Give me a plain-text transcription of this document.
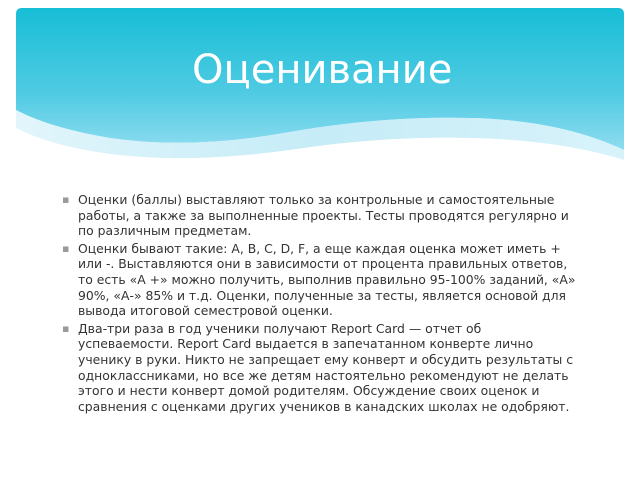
Оценивание
▪ Оценки (баллы) выставляют только за контрольные и самостоятельные работы, а также за выполненные проекты. Тесты проводятся регулярно и по различным предметам.
▪ Оценки бывают такие: А, В, С, D, F, а еще каждая оценка может иметь + или -. Выставляются они в зависимости от процента правильных ответов, то есть «А +» можно получить, выполнив правильно 95-100% заданий, «А» 90%, «А-» 85% и т.д. Оценки, полученные за тесты, является основой для вывода итоговой семестровой оценки.
▪ Два-три раза в год ученики получают Report Card — отчет об успеваемости. Report Card выдается в запечатанном конверте лично ученику в руки. Никто не запрещает ему конверт и обсудить результаты с одноклассниками, но все же детям настоятельно рекомендуют не делать этого и нести конверт домой родителям. Обсуждение своих оценок и сравнения с оценками других учеников в канадских школах не одобряют.
